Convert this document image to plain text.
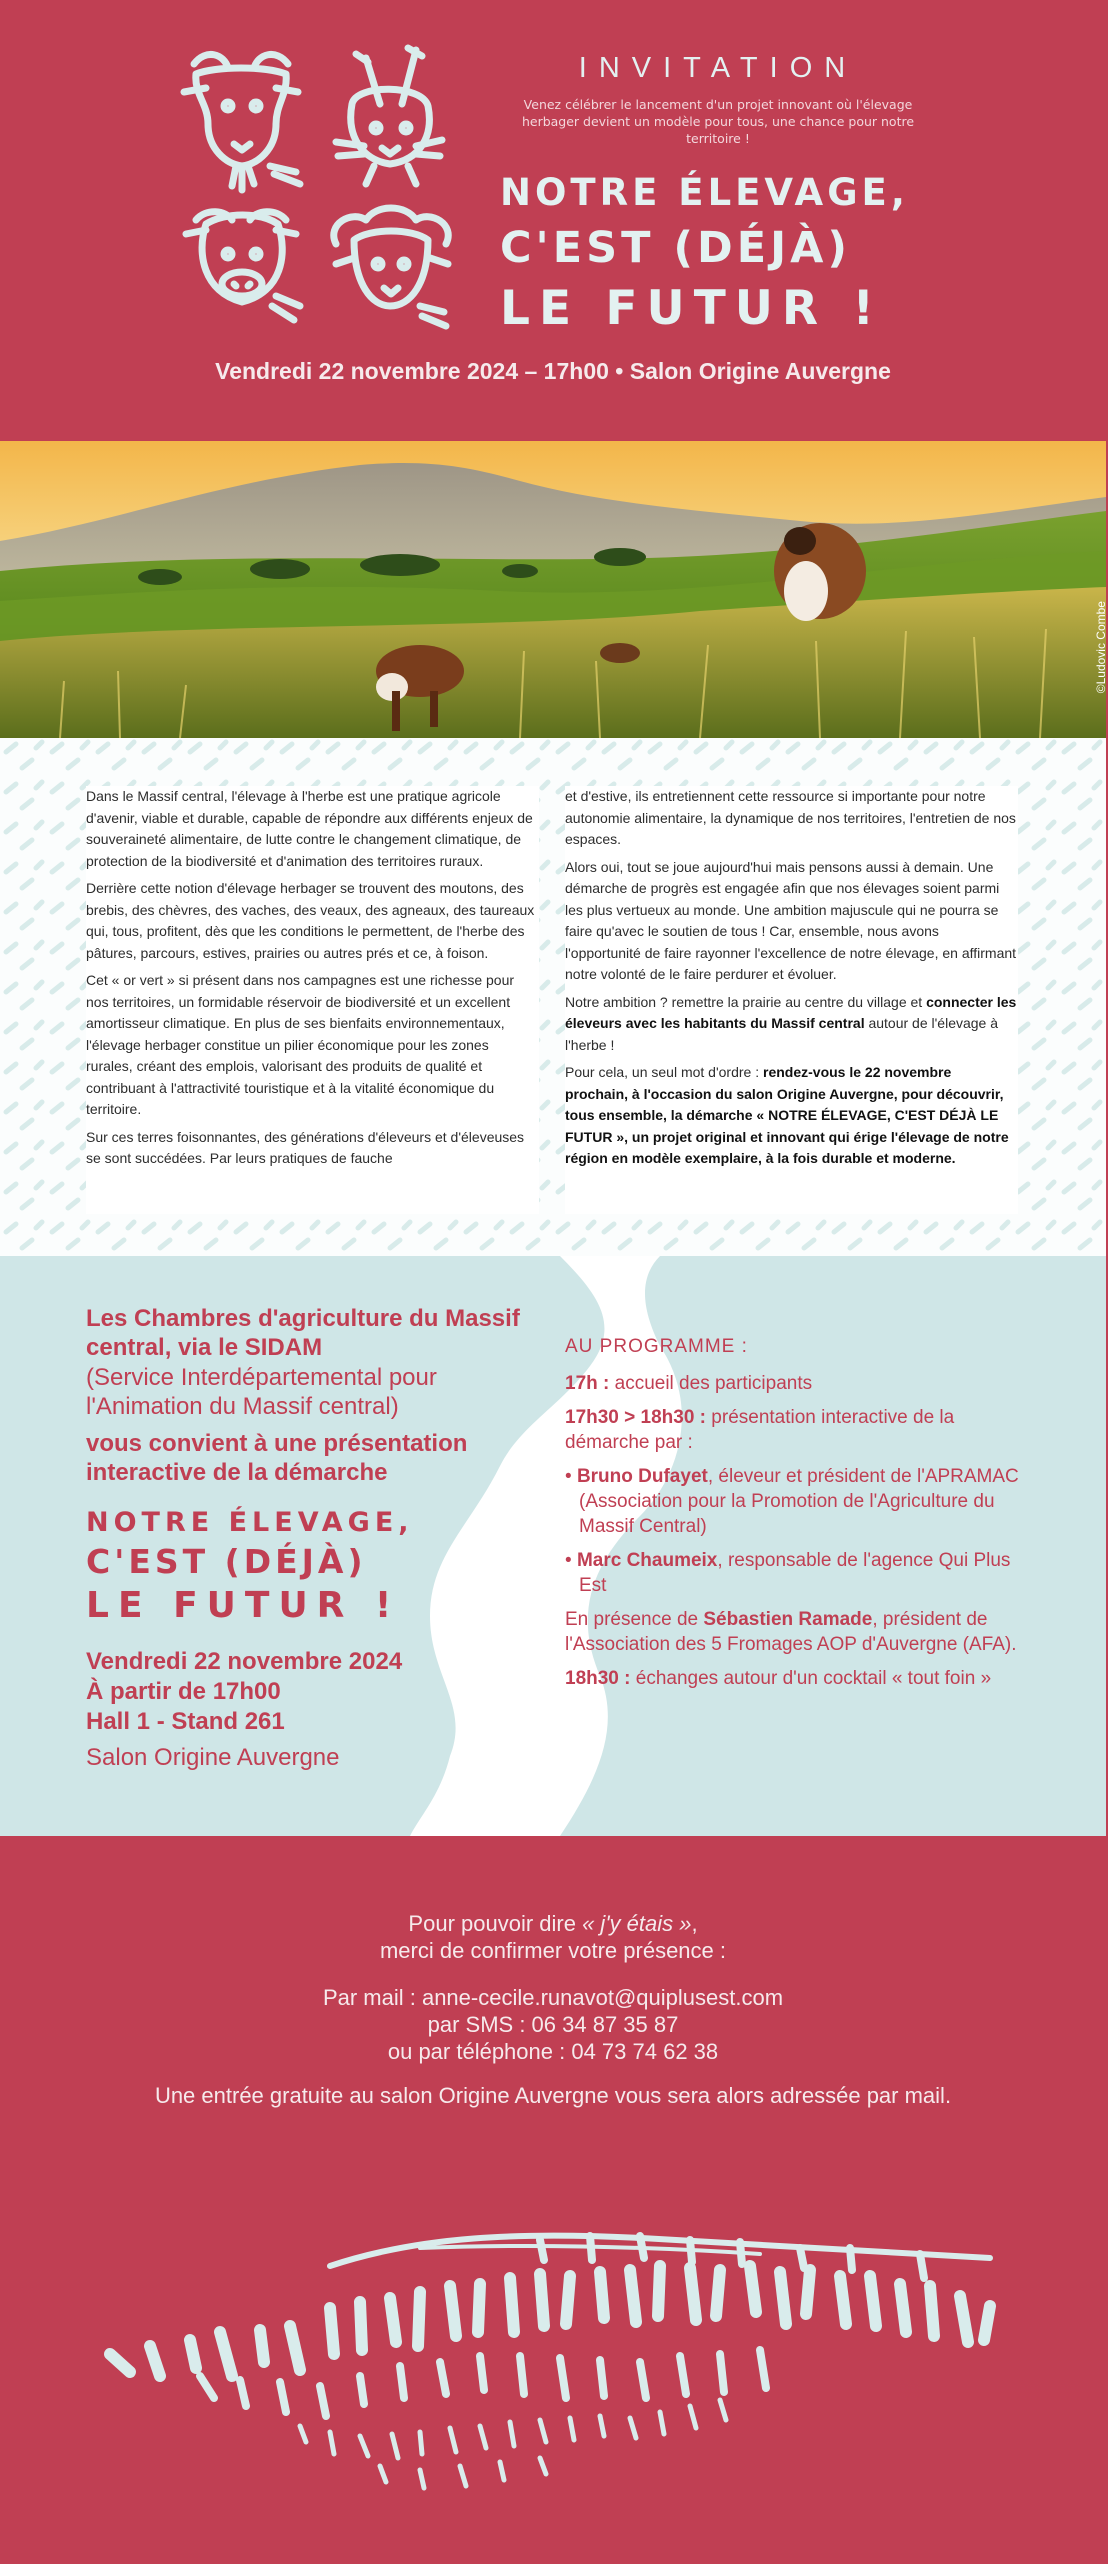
INVITATION
Venez célébrer le lancement d'un projet innovant où l'élevage herbager devient un modèle pour tous, une chance pour notre territoire !
NOTRE ÉLEVAGE,
C'EST (DÉJÀ)
LE FUTUR !
Vendredi 22 novembre 2024 – 17h00 • Salon Origine Auvergne
©Ludovic Combe

Dans le Massif central, l'élevage à l'herbe est une pratique agricole d'avenir, viable et durable, capable de répondre aux différents enjeux de souveraineté alimentaire, de lutte contre le changement climatique, de protection de la biodiversité et d'animation des territoires ruraux.

Derrière cette notion d'élevage herbager se trouvent des moutons, des brebis, des chèvres, des vaches, des veaux, des agneaux, des taureaux qui, tous, profitent, dès que les conditions le permettent, de l'herbe des pâtures, parcours, estives, prairies ou autres prés et ce, à foison.

Cet « or vert » si présent dans nos campagnes est une richesse pour nos territoires, un formidable réservoir de biodiversité et un excellent amortisseur climatique. En plus de ses bienfaits environnementaux, l'élevage herbager constitue un pilier économique pour les zones rurales, créant des emplois, valorisant des produits de qualité et contribuant à l'attractivité touristique et à la vitalité économique du territoire.

Sur ces terres foisonnantes, des générations d'éleveurs et d'éleveuses se sont succédées. Par leurs pratiques de fauche

et d'estive, ils entretiennent cette ressource si importante pour notre autonomie alimentaire, la dynamique de nos territoires, l'entretien de nos espaces.

Alors oui, tout se joue aujourd'hui mais pensons aussi à demain. Une démarche de progrès est engagée afin que nos élevages soient parmi les plus vertueux au monde. Une ambition majuscule qui ne pourra se faire qu'avec le soutien de tous ! Car, ensemble, nous avons l'opportunité de faire rayonner l'excellence de notre élevage, en affirmant notre volonté de le faire perdurer et évoluer.

Notre ambition ? remettre la prairie au centre du village et connecter les éleveurs avec les habitants du Massif central autour de l'élevage à l'herbe !

Pour cela, un seul mot d'ordre : rendez-vous le 22 novembre prochain, à l'occasion du salon Origine Auvergne, pour découvrir, tous ensemble, la démarche « NOTRE ÉLEVAGE, C'EST DÉJÀ LE FUTUR », un projet original et innovant qui érige l'élevage de notre région en modèle exemplaire, à la fois durable et moderne.

Les Chambres d'agriculture du Massif central, via le SIDAM
(Service Interdépartemental pour l'Animation du Massif central)
vous convient à une présentation interactive de la démarche
NOTRE ÉLEVAGE,
C'EST (DÉJÀ)
LE FUTUR !
Vendredi 22 novembre 2024
À partir de 17h00
Hall 1 - Stand 261
Salon Origine Auvergne

AU PROGRAMME :

17h : accueil des participants

17h30 > 18h30 : présentation interactive de la démarche par :

• Bruno Dufayet, éleveur et président de l'APRAMAC (Association pour la Promotion de l'Agriculture du Massif Central)

• Marc Chaumeix, responsable de l'agence Qui Plus Est

En présence de Sébastien Ramade, président de l'Association des 5 Fromages AOP d'Auvergne (AFA).

18h30 : échanges autour d'un cocktail « tout foin »

Pour pouvoir dire « j'y étais »,
merci de confirmer votre présence :
Par mail : anne-cecile.runavot@quiplusest.com
par SMS : 06 34 87 35 87
ou par téléphone : 04 73 74 62 38
Une entrée gratuite au salon Origine Auvergne vous sera alors adressée par mail.
